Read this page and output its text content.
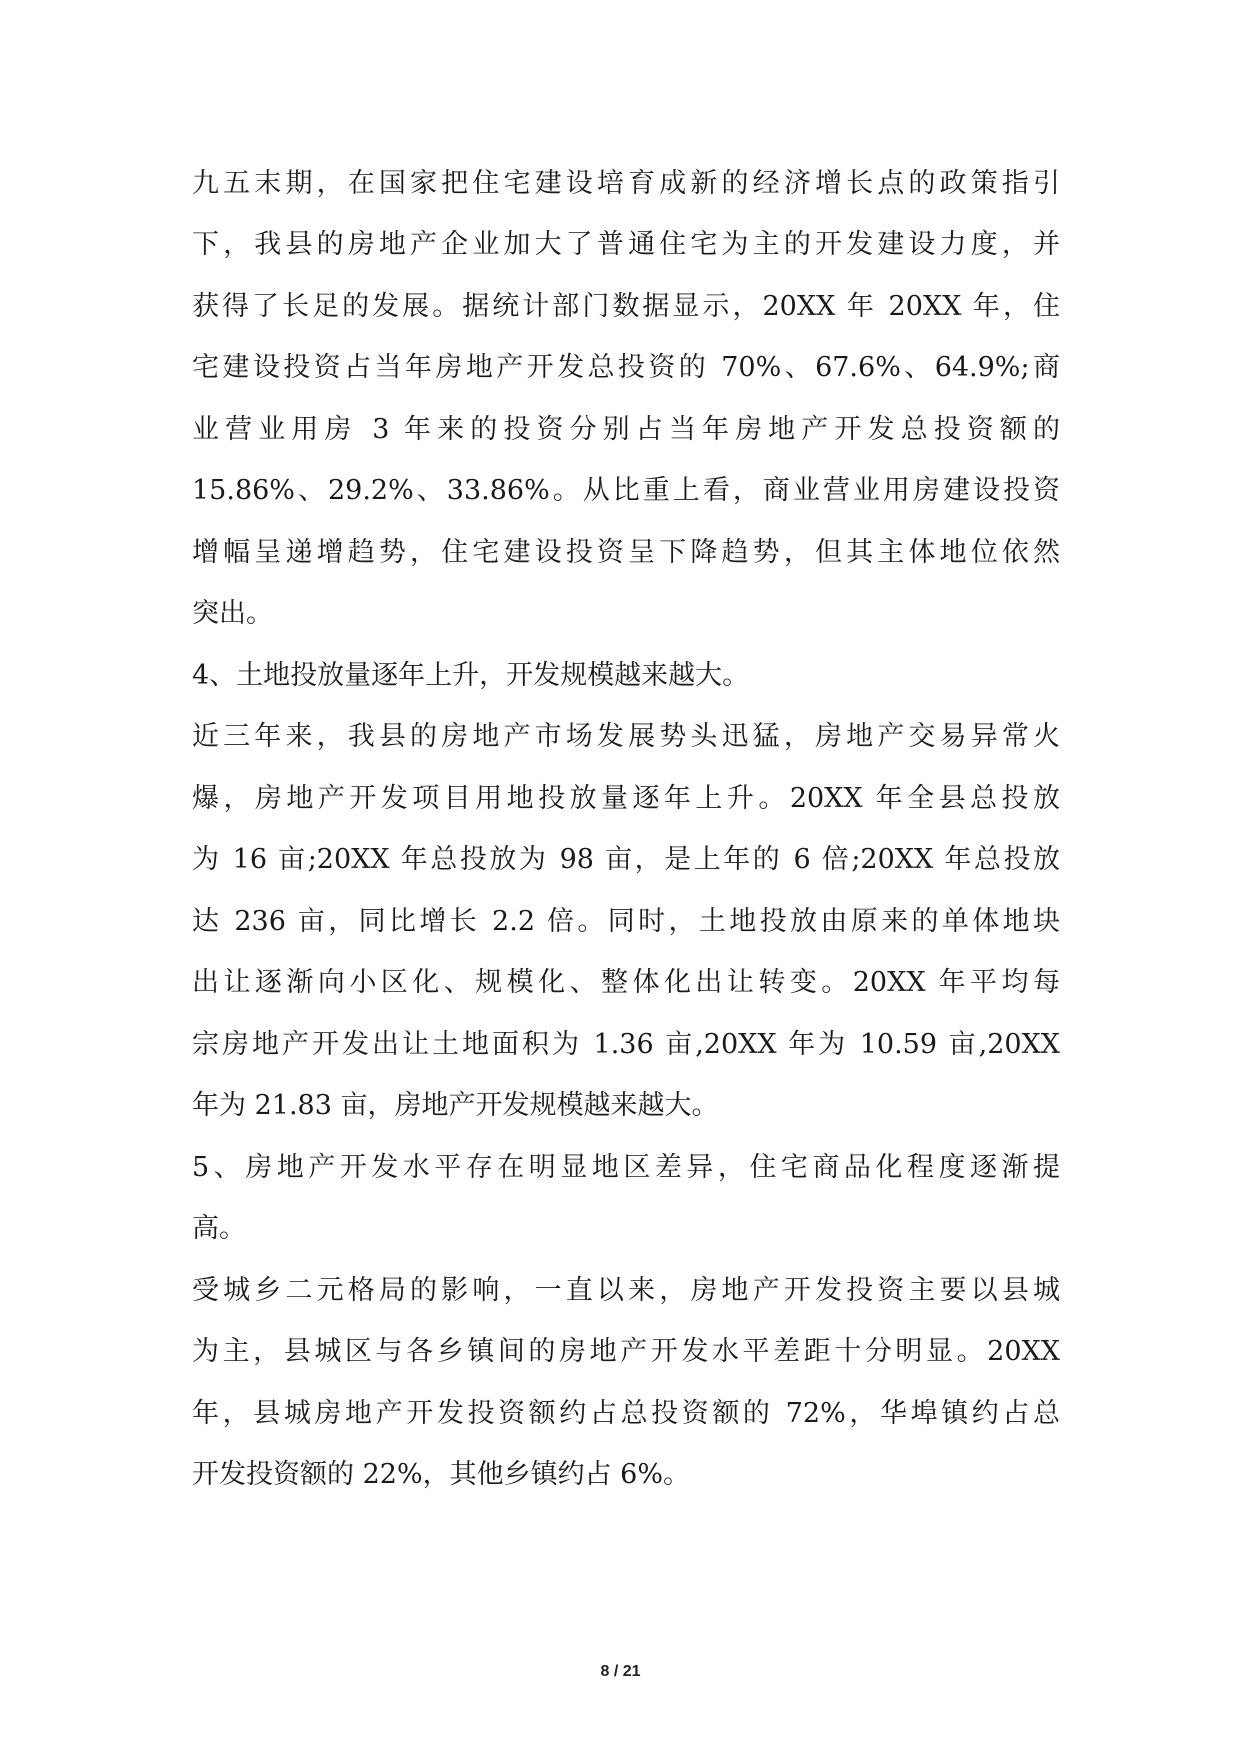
九五末期，在国家把住宅建设培育成新的经济增长点的政策指引
下，我县的房地产企业加大了普通住宅为主的开发建设力度，并
获得了长足的发展。据统计部门数据显示，20XX 年 20XX 年，住
宅建设投资占当年房地产开发总投资的 70%、67.6%、64.9%;商
业营业用房 3 年来的投资分别占当年房地产开发总投资额的
15.86%、29.2%、33.86%。从比重上看，商业营业用房建设投资
增幅呈递增趋势，住宅建设投资呈下降趋势，但其主体地位依然
突出。
4、土地投放量逐年上升，开发规模越来越大。
近三年来，我县的房地产市场发展势头迅猛，房地产交易异常火
爆，房地产开发项目用地投放量逐年上升。20XX 年全县总投放
为 16 亩;20XX 年总投放为 98 亩，是上年的 6 倍;20XX 年总投放
达 236 亩，同比增长 2.2 倍。同时，土地投放由原来的单体地块
出让逐渐向小区化、规模化、整体化出让转变。20XX 年平均每
宗房地产开发出让土地面积为 1.36 亩,20XX 年为 10.59 亩,20XX
年为 21.83 亩，房地产开发规模越来越大。
5、房地产开发水平存在明显地区差异，住宅商品化程度逐渐提
高。
受城乡二元格局的影响，一直以来，房地产开发投资主要以县城
为主，县城区与各乡镇间的房地产开发水平差距十分明显。20XX
年，县城房地产开发投资额约占总投资额的 72%，华埠镇约占总
开发投资额的 22%，其他乡镇约占 6%。
8 / 21
